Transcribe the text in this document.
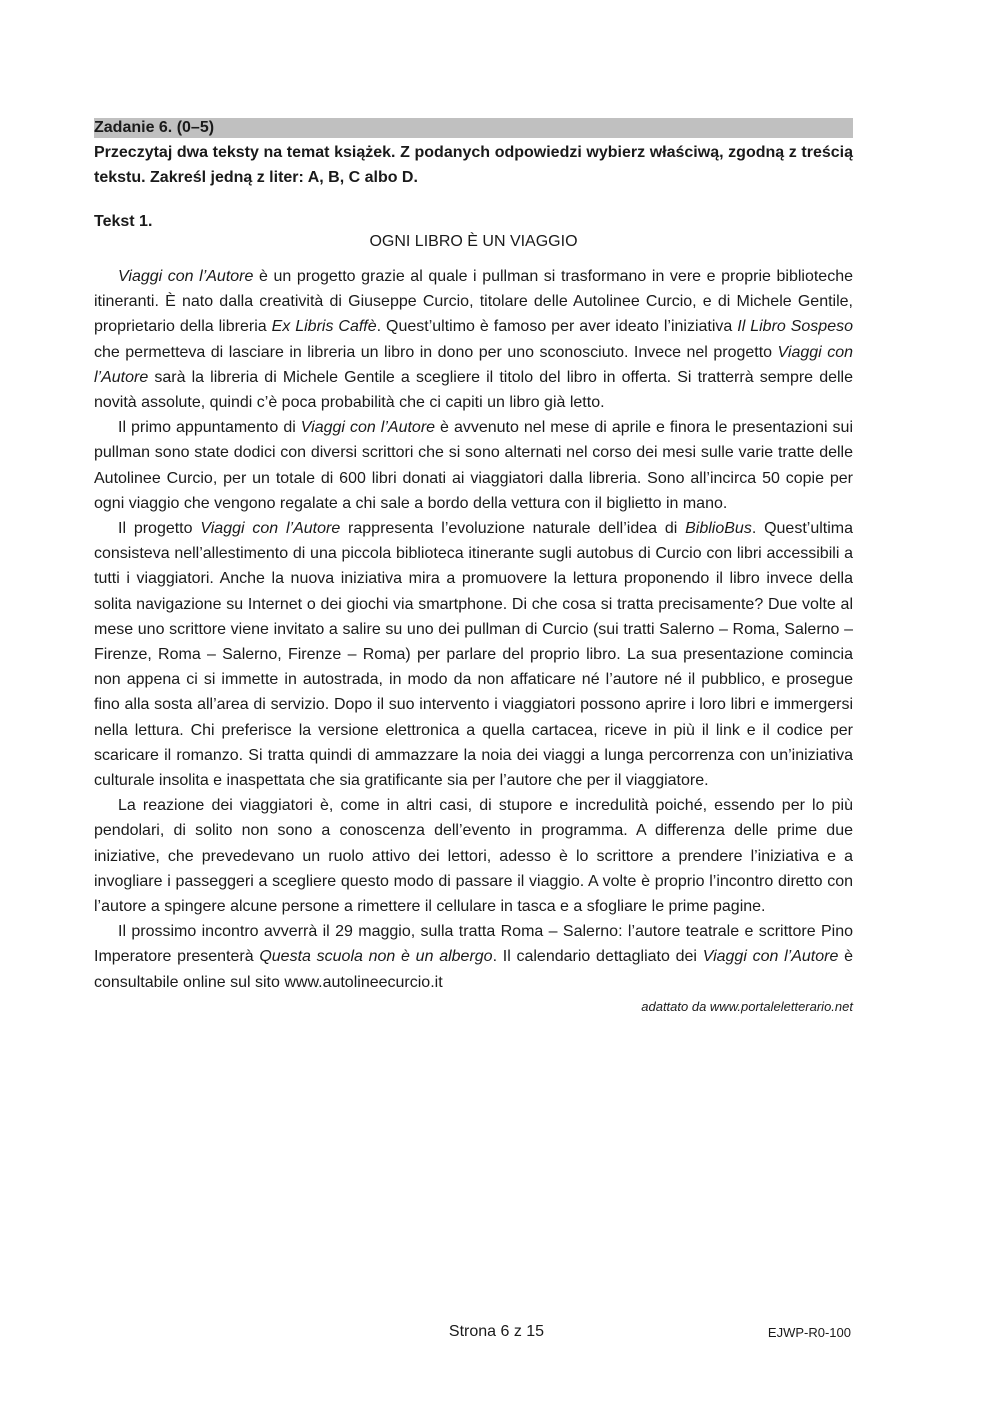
Zadanie 6. (0–5)
Przeczytaj dwa teksty na temat książek. Z podanych odpowiedzi wybierz właściwą, zgodną z treścią tekstu. Zakreśl jedną z liter: A, B, C albo D.
Tekst 1.
OGNI LIBRO È UN VIAGGIO

Viaggi con l’Autore è un progetto grazie al quale i pullman si trasformano in vere e proprie biblioteche itineranti. È nato dalla creatività di Giuseppe Curcio, titolare delle Autolinee Curcio, e di Michele Gentile, proprietario della libreria Ex Libris Caffè. Quest’ultimo è famoso per aver ideato l’iniziativa Il Libro Sospeso che permetteva di lasciare in libreria un libro in dono per uno sconosciuto. Invece nel progetto Viaggi con l’Autore sarà la libreria di Michele Gentile a scegliere il titolo del libro in offerta. Si tratterrà sempre delle novità assolute, quindi c’è poca probabilità che ci capiti un libro già letto.

Il primo appuntamento di Viaggi con l’Autore è avvenuto nel mese di aprile e finora le presentazioni sui pullman sono state dodici con diversi scrittori che si sono alternati nel corso dei mesi sulle varie tratte delle Autolinee Curcio, per un totale di 600 libri donati ai viaggiatori dalla libreria. Sono all’incirca 50 copie per ogni viaggio che vengono regalate a chi sale a bordo della vettura con il biglietto in mano.

Il progetto Viaggi con l’Autore rappresenta l’evoluzione naturale dell’idea di BiblioBus. Quest’ultima consisteva nell’allestimento di una piccola biblioteca itinerante sugli autobus di Curcio con libri accessibili a tutti i viaggiatori. Anche la nuova iniziativa mira a promuovere la lettura proponendo il libro invece della solita navigazione su Internet o dei giochi via smartphone. Di che cosa si tratta precisamente? Due volte al mese uno scrittore viene invitato a salire su uno dei pullman di Curcio (sui tratti Salerno – Roma, Salerno – Firenze, Roma – Salerno, Firenze – Roma) per parlare del proprio libro. La sua presentazione comincia non appena ci si immette in autostrada, in modo da non affaticare né l’autore né il pubblico, e prosegue fino alla sosta all’area di servizio. Dopo il suo intervento i viaggiatori possono aprire i loro libri e immergersi nella lettura. Chi preferisce la versione elettronica a quella cartacea, riceve in più il link e il codice per scaricare il romanzo. Si tratta quindi di ammazzare la noia dei viaggi a lunga percorrenza con un’iniziativa culturale insolita e inaspettata che sia gratificante sia per l’autore che per il viaggiatore.

La reazione dei viaggiatori è, come in altri casi, di stupore e incredulità poiché, essendo per lo più pendolari, di solito non sono a conoscenza dell’evento in programma. A differenza delle prime due iniziative, che prevedevano un ruolo attivo dei lettori, adesso è lo scrittore a prendere l’iniziativa e a invogliare i passeggeri a scegliere questo modo di passare il viaggio. A volte è proprio l’incontro diretto con l’autore a spingere alcune persone a rimettere il cellulare in tasca e a sfogliare le prime pagine.

Il prossimo incontro avverrà il 29 maggio, sulla tratta Roma – Salerno: l’autore teatrale e scrittore Pino Imperatore presenterà Questa scuola non è un albergo. Il calendario dettagliato dei Viaggi con l’Autore è consultabile online sul sito www.autolineecurcio.it

adattato da www.portaleletterario.net
Strona 6 z 15	EJWP-R0-100
